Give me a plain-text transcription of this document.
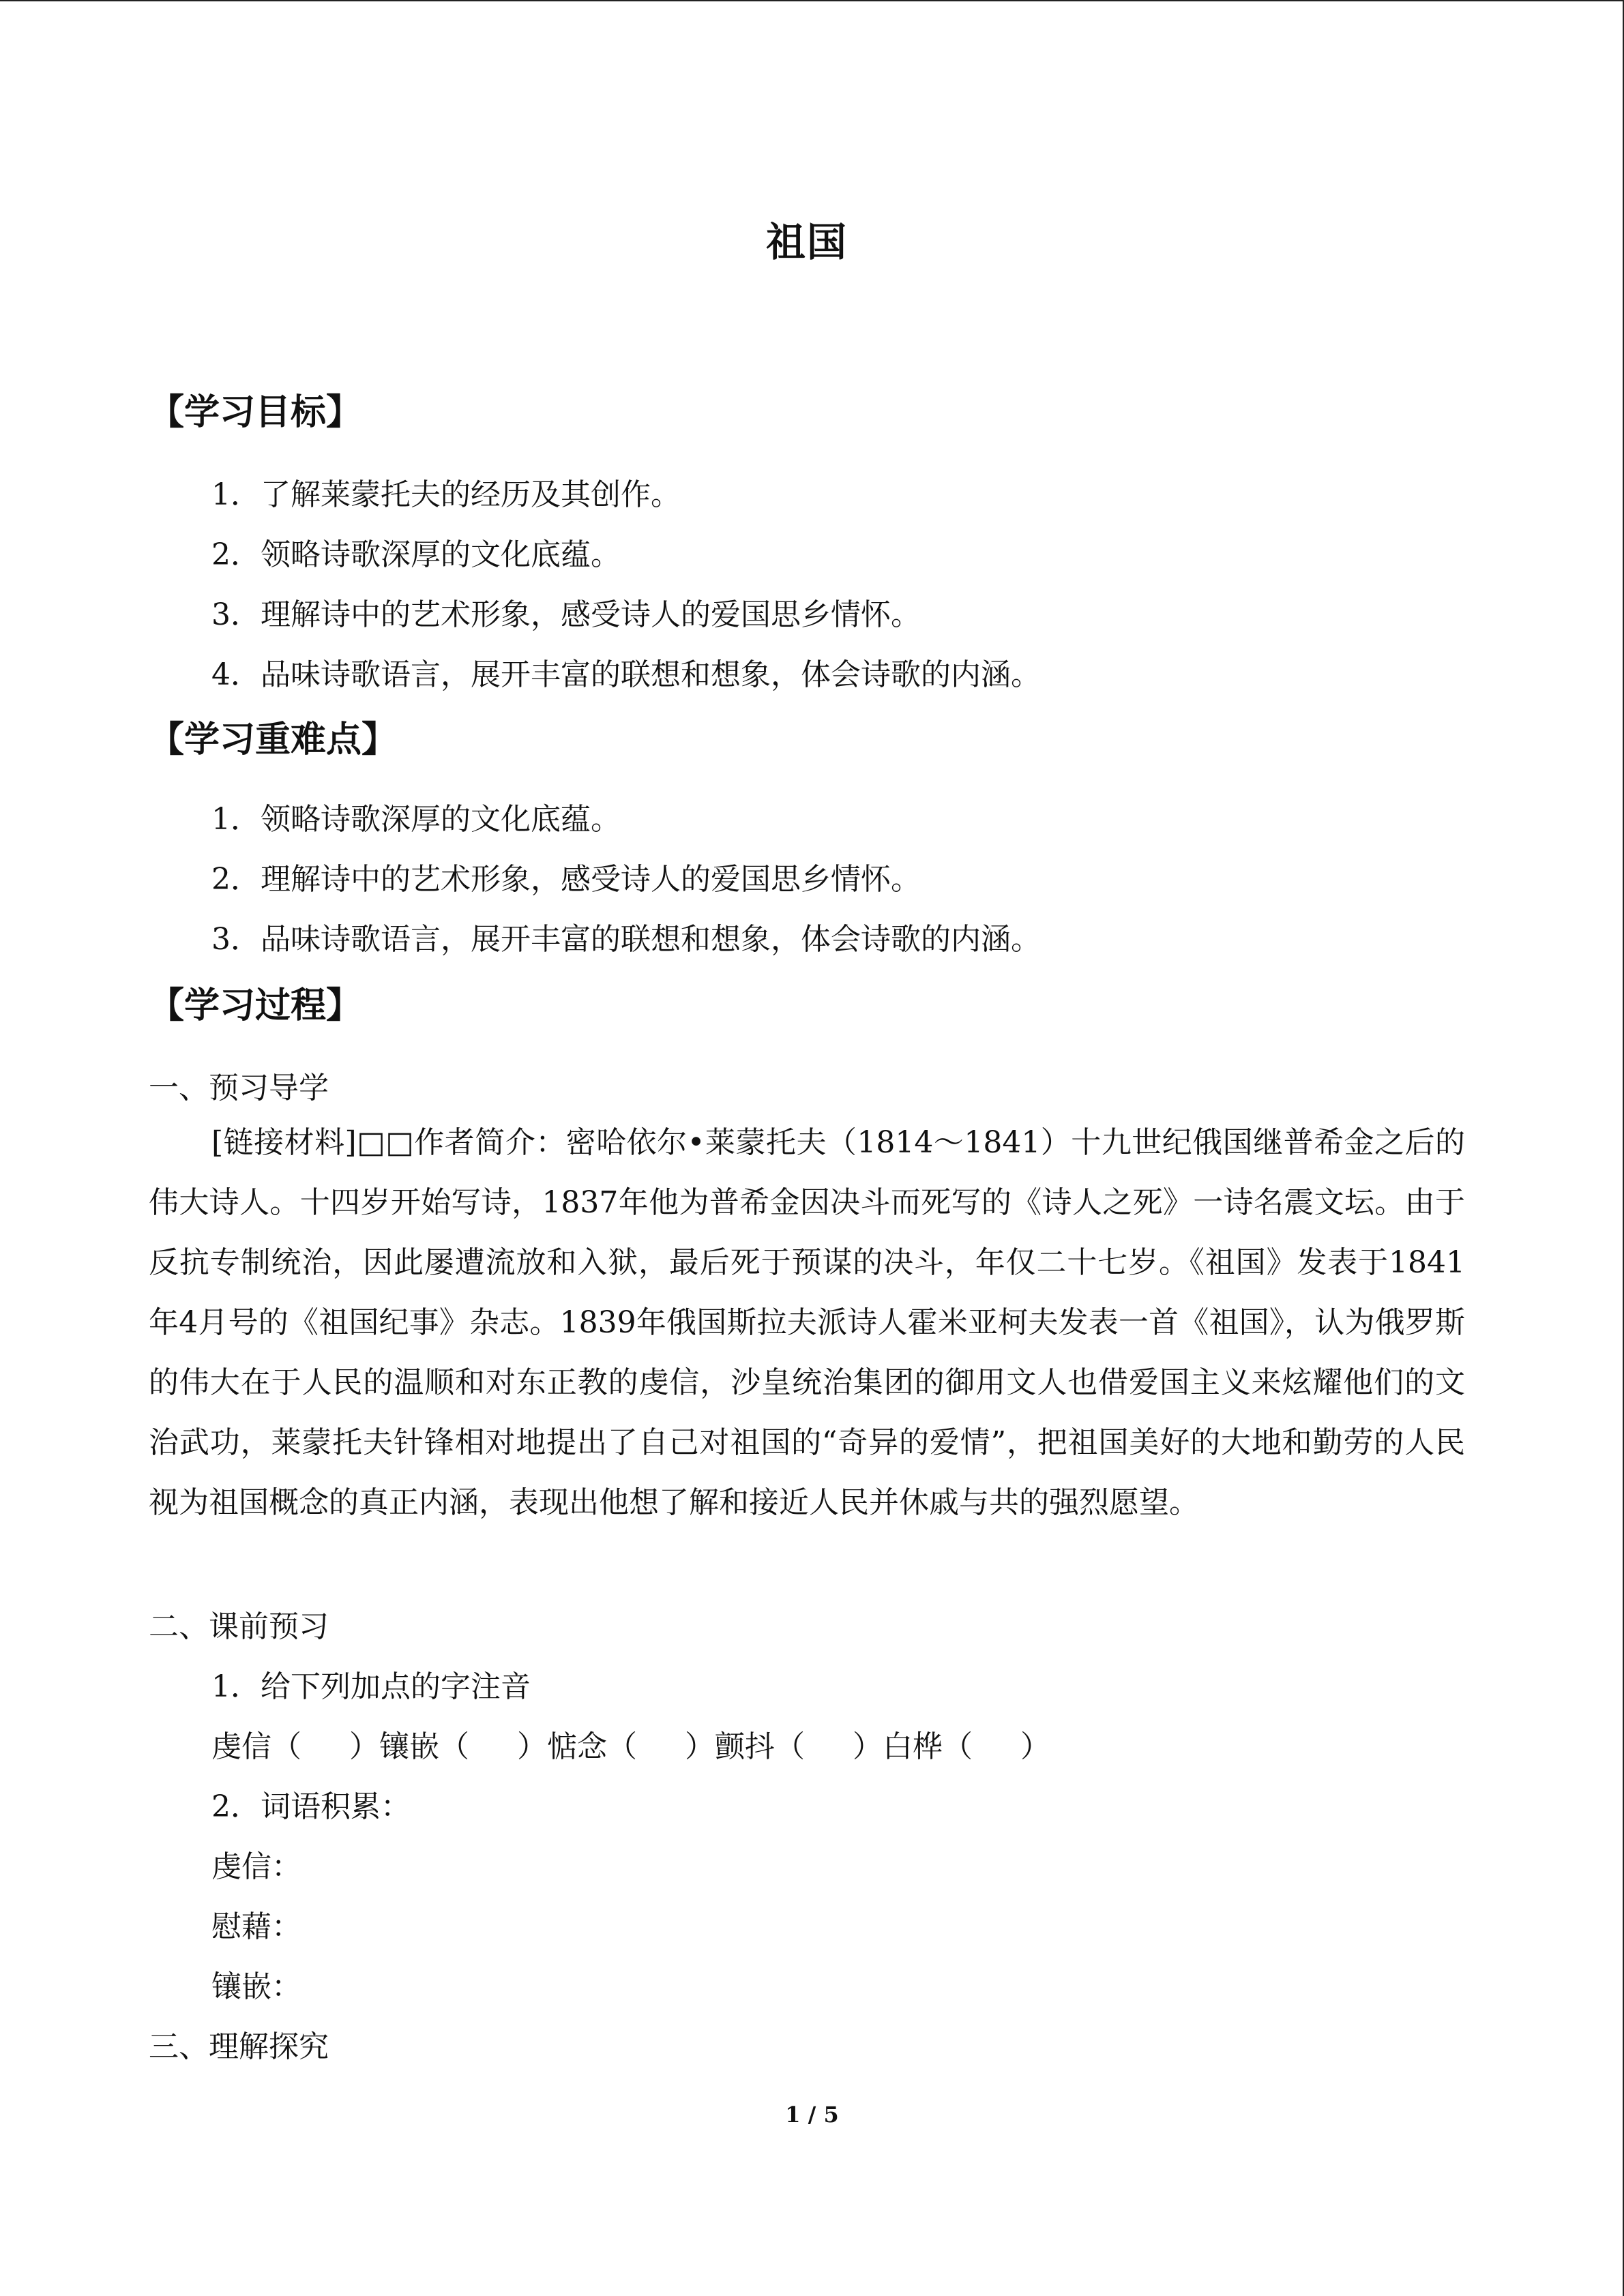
祖国
【学习目标】
1．了解莱蒙托夫的经历及其创作。
2．领略诗歌深厚的文化底蕴。
3．理解诗中的艺术形象，感受诗人的爱国思乡情怀。
4．品味诗歌语言，展开丰富的联想和想象，体会诗歌的内涵。
【学习重难点】
1．领略诗歌深厚的文化底蕴。
2．理解诗中的艺术形象，感受诗人的爱国思乡情怀。
3．品味诗歌语言，展开丰富的联想和想象，体会诗歌的内涵。
【学习过程】
一、预习导学
[链接材料]□□作者简介：密哈依尔•莱蒙托夫（1814～1841）十九世纪俄国继普希金之后的伟大诗人。十四岁开始写诗，1837年他为普希金因决斗而死写的《诗人之死》一诗名震文坛。由于反抗专制统治，因此屡遭流放和入狱，最后死于预谋的决斗，年仅二十七岁。《祖国》发表于1841年4月号的《祖国纪事》杂志。1839年俄国斯拉夫派诗人霍米亚柯夫发表一首《祖国》，认为俄罗斯的伟大在于人民的温顺和对东正教的虔信，沙皇统治集团的御用文人也借爱国主义来炫耀他们的文治武功，莱蒙托夫针锋相对地提出了自己对祖国的“奇异的爱情”，把祖国美好的大地和勤劳的人民视为祖国概念的真正内涵，表现出他想了解和接近人民并休戚与共的强烈愿望。
二、课前预习
1．给下列加点的字注音
虔信（ ）镶嵌（ ）惦念（ ）颤抖（ ）白桦（ ）
2．词语积累：
虔信：
慰藉：
镶嵌：
三、理解探究
1 / 5
